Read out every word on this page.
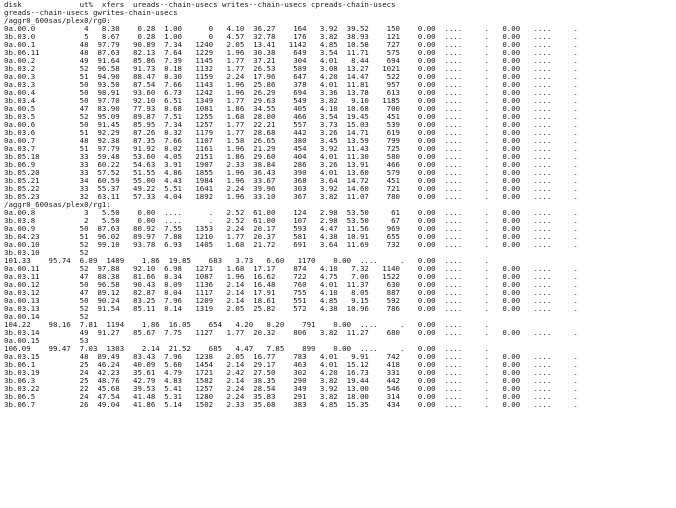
disk             ut%  xfers  ureads--chain-usecs writes--chain-usecs cpreads-chain-usecs
greads--chain-usecs gwrites-chain-usecs
/aggr0_600sas/plex0/rg0:
0a.00.0           4   8.30    0.28  1.00      0   4.10  36.27    164   3.92  39.52    150    0.00  ....     .   0.00   ....     .
3b.03.0           5   8.67    0.28  1.00      0   4.57  32.78    176   3.82  38.93    121    0.00  ....     .   0.00   ....     .
0a.00.1          48  97.79   90.89  7.34   1240   2.05  13.41   1142   4.85  10.58    727    0.00  ....     .   0.00   ....     .
3b.06.11         48  87.63   82.13  7.64   1229   1.96  30.38    649   3.54  11.71    575    0.00  ....     .   0.00   ....     .
0a.00.2          49  91.64   85.86  7.39   1145   1.77  37.21    304   4.01   8.44    694    0.00  ....     .   0.00   ....     .
3b.03.2          52  96.58   91.73  8.18   1132   1.77  26.53    589   3.08  13.27   1021    0.00  ....     .   0.00   ....     .
0a.00.3          51  94.90   88.47  8.30   1159   2.24  17.96    647   4.20  14.47    522    0.00  ....     .   0.00   ....     .
0a.03.3          50  93.50   87.54  7.66   1143   1.96  25.86    378   4.01  11.81    957    0.00  ....     .   0.00   ....     .
0a.00.4          50  98.91   93.60  6.73   1242   1.96  26.29    694   3.36  13.78    613    0.00  ....     .   0.00   ....     .
3b.03.4          50  97.70   92.10  6.51   1349   1.77  29.63    549   3.82   9.10   1185    0.00  ....     .   0.00   ....     .
0a.00.5          47  83.90   77.93  8.68   1081   1.86  34.55    405   4.10  10.68    700    0.00  ....     .   0.00   ....     .
3b.03.5          52  95.09   89.87  7.51   1255   1.68  28.00    466   3.54  19.45    451    0.00  ....     .   0.00   ....     .
0a.00.6          50  91.45   85.95  7.34   1257   1.77  22.21    557   3.73  15.03    539    0.00  ....     .   0.00   ....     .
3b.03.6          51  92.29   87.26  8.32   1179   1.77  28.68    442   3.26  14.71    619    0.00  ....     .   0.00   ....     .
0a.00.7          48  92.38   87.35  7.66   1107   1.58  26.65    380   3.45  13.59    799    0.00  ....     .   0.00   ....     .
0a.03.7          51  97.79   91.92  8.02   1161   1.96  21.29    454   3.92  11.43    725    0.00  ....     .   0.00   ....     .
3b.05.18         33  59.48   53.60  4.05   2151   1.86  29.60    404   4.01  11.30    580    0.00  ....     .   0.00   ....     .
3b.06.9          33  60.22   54.63  3.91   1907   2.33  38.84    286   3.26  13.91    466    0.00  ....     .   0.00   ....     .
3b.05.20         33  57.52   51.55  4.86   1855   1.96  36.43    390   4.01  13.60    579    0.00  ....     .   0.00   ....     .
3b.05.21         34  60.59   55.00  4.43   1984   1.96  33.67    368   3.64  14.72    451    0.00  ....     .   0.00   ....     .
3b.05.22         33  55.37   49.22  5.51   1641   2.24  39.96    303   3.92  14.60    721    0.00  ....     .   0.00   ....     .
3b.05.23         32  63.11   57.33  4.04   1892   1.96  33.10    367   3.82  11.07    780    0.00  ....     .   0.00   ....     .
/aggr0_600sas/plex0/rg1:
0a.00.8           3   5.50    0.00  ....      .   2.52  61.00    124   2.98  53.50     61    0.00  ....     .   0.00   ....     .
3b.03.8           2   5.50    0.00  ....      .   2.52  61.00    107   2.98  53.50     67    0.00  ....     .   0.00   ....     .
0a.00.9          50  87.63   80.92  7.55   1353   2.24  20.17    593   4.47  11.56    969    0.00  ....     .   0.00   ....     .
3b.04.23         51  96.02   89.97  7.88   1210   1.77  20.37    581   4.38  10.91    655    0.00  ....     .   0.00   ....     .
0a.00.10         52  99.10   93.78  6.93   1405   1.68  21.72    691   3.64  11.69    732    0.00  ....     .   0.00   ....     .
3b.03.10         52
101.33    95.74  6.89  1409    1.86  19.85    683   3.73   6.60   1170    0.00  ....     .   0.00  ....     .
0a.00.11         52  97.88   92.10  6.98   1271   1.68  17.17    874   4.10   7.32   1140    0.00  ....     .   0.00   ....     .
0a.03.11         47  88.38   81.66  8.34   1087   1.96  16.62    722   4.75   7.06   1522    0.00  ....     .   0.00   ....     .
0a.00.12         50  96.58   90.43  8.09   1136   2.14  16.48    760   4.01  11.37    630    0.00  ....     .   0.00   ....     .
0a.03.12         47  89.12   82.87  8.04   1117   2.14  17.91    755   4.10   8.05    887    0.00  ....     .   0.00   ....     .
0a.00.13         50  90.24   83.25  7.96   1209   2.14  18.61    551   4.85   9.15    592    0.00  ....     .   0.00   ....     .
0a.03.13         52  91.54   85.11  8.14   1319   2.05  25.82    572   4.38  10.96    786    0.00  ....     .   0.00   ....     .
0a.00.14         52
104.22    98.16  7.81  1194    1.86  16.05    654   4.20   8.20    791    0.00  ....     .   0.00  ....     .
3b.03.14         49  91.27   85.67  7.75   1127   1.77  20.32    806   3.82  11.27    680    0.00  ....     .   0.00   ....     .
0a.00.15         53
106.09    99.47  7.03  1303    2.14  21.52    685   4.47   7.85    899    0.00  ....     .   0.00  ....     .
0a.03.15         48  89.49   83.43  7.96   1238   2.05  16.77    783   4.01   9.91    742    0.00  ....     .   0.00   ....     .
3b.06.1          25  46.24   40.09  5.60   1454   2.14  29.17    463   4.01  15.12    418    0.00  ....     .   0.00   ....     .
3b.03.19         24  42.23   35.61  4.79   1721   2.42  27.50    302   4.20  16.73    331    0.00  ....     .   0.00   ....     .
3b.06.3          25  48.76   42.79  4.83   1582   2.14  38.35    290   3.82  19.44    442    0.00  ....     .   0.00   ....     .
3b.03.22         22  45.68   39.53  5.41   1257   2.24  28.54    349   3.92  13.00    546    0.00  ....     .   0.00   ....     .
3b.06.5          24  47.54   41.48  5.31   1280   2.24  35.83    291   3.82  18.00    314    0.00  ....     .   0.00   ....     .
3b.06.7          26  49.04   41.86  5.14   1502   2.33  35.08    383   4.85  15.35    434    0.00  ....     .   0.00   ....     .
